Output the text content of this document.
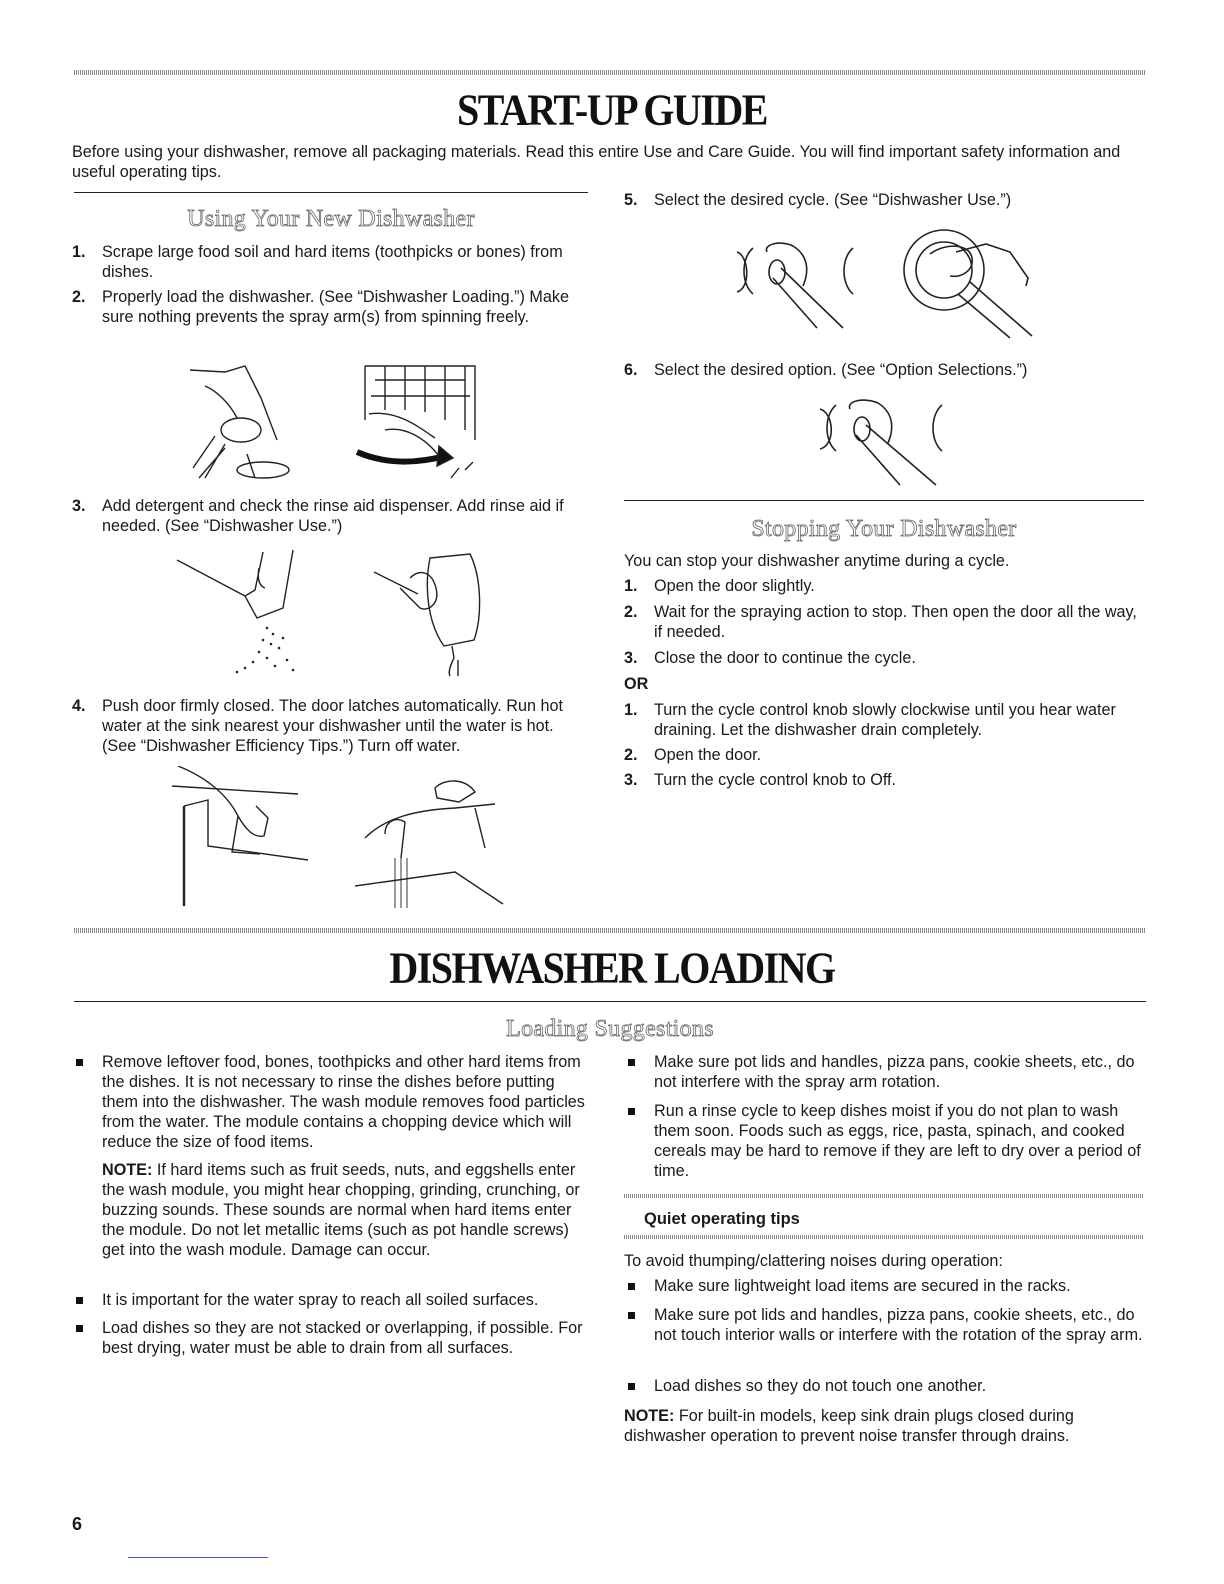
START-UP GUIDE

Before using your dishwasher, remove all packaging materials. Read this entire Use and Care Guide. You will find important safety information and useful operating tips.

Using Your New Dishwasher
1.	Scrape large food soil and hard items (toothpicks or bones) from dishes.
2.	Properly load the dishwasher. (See “Dishwasher Loading.”) Make sure nothing prevents the spray arm(s) from spinning freely.
3.	Add detergent and check the rinse aid dispenser. Add rinse aid if needed. (See “Dishwasher Use.”)
4.	Push door firmly closed. The door latches automatically. Run hot water at the sink nearest your dishwasher until the water is hot. (See “Dishwasher Efficiency Tips.”) Turn off water.
5.	Select the desired cycle. (See “Dishwasher Use.”)
6.	Select the desired option. (See “Option Selections.”)
Stopping Your Dishwasher

You can stop your dishwasher anytime during a cycle.

1.	Open the door slightly.
2.	Wait for the spraying action to stop. Then open the door all the way, if needed.
3.	Close the door to continue the cycle.

OR

1.	Turn the cycle control knob slowly clockwise until you hear water draining. Let the dishwasher drain completely.
2.	Open the door.
3.	Turn the cycle control knob to Off.
DISHWASHER LOADING
Loading Suggestions
Remove leftover food, bones, toothpicks and other hard items from the dishes. It is not necessary to rinse the dishes before putting them into the dishwasher. The wash module removes food particles from the water. The module contains a chopping device which will reduce the size of food items.

NOTE: If hard items such as fruit seeds, nuts, and eggshells enter the wash module, you might hear chopping, grinding, crunching, or buzzing sounds. These sounds are normal when hard items enter the module. Do not let metallic items (such as pot handle screws) get into the wash module. Damage can occur.

It is important for the water spray to reach all soiled surfaces.
Load dishes so they are not stacked or overlapping, if possible. For best drying, water must be able to drain from all surfaces.
Make sure pot lids and handles, pizza pans, cookie sheets, etc., do not interfere with the spray arm rotation.
Run a rinse cycle to keep dishes moist if you do not plan to wash them soon. Foods such as eggs, rice, pasta, spinach, and cooked cereals may be hard to remove if they are left to dry over a period of time.
Quiet operating tips

To avoid thumping/clattering noises during operation:

Make sure lightweight load items are secured in the racks.
Make sure pot lids and handles, pizza pans, cookie sheets, etc., do not touch interior walls or interfere with the rotation of the spray arm.
Load dishes so they do not touch one another.

NOTE: For built-in models, keep sink drain plugs closed during dishwasher operation to prevent noise transfer through drains.

6
